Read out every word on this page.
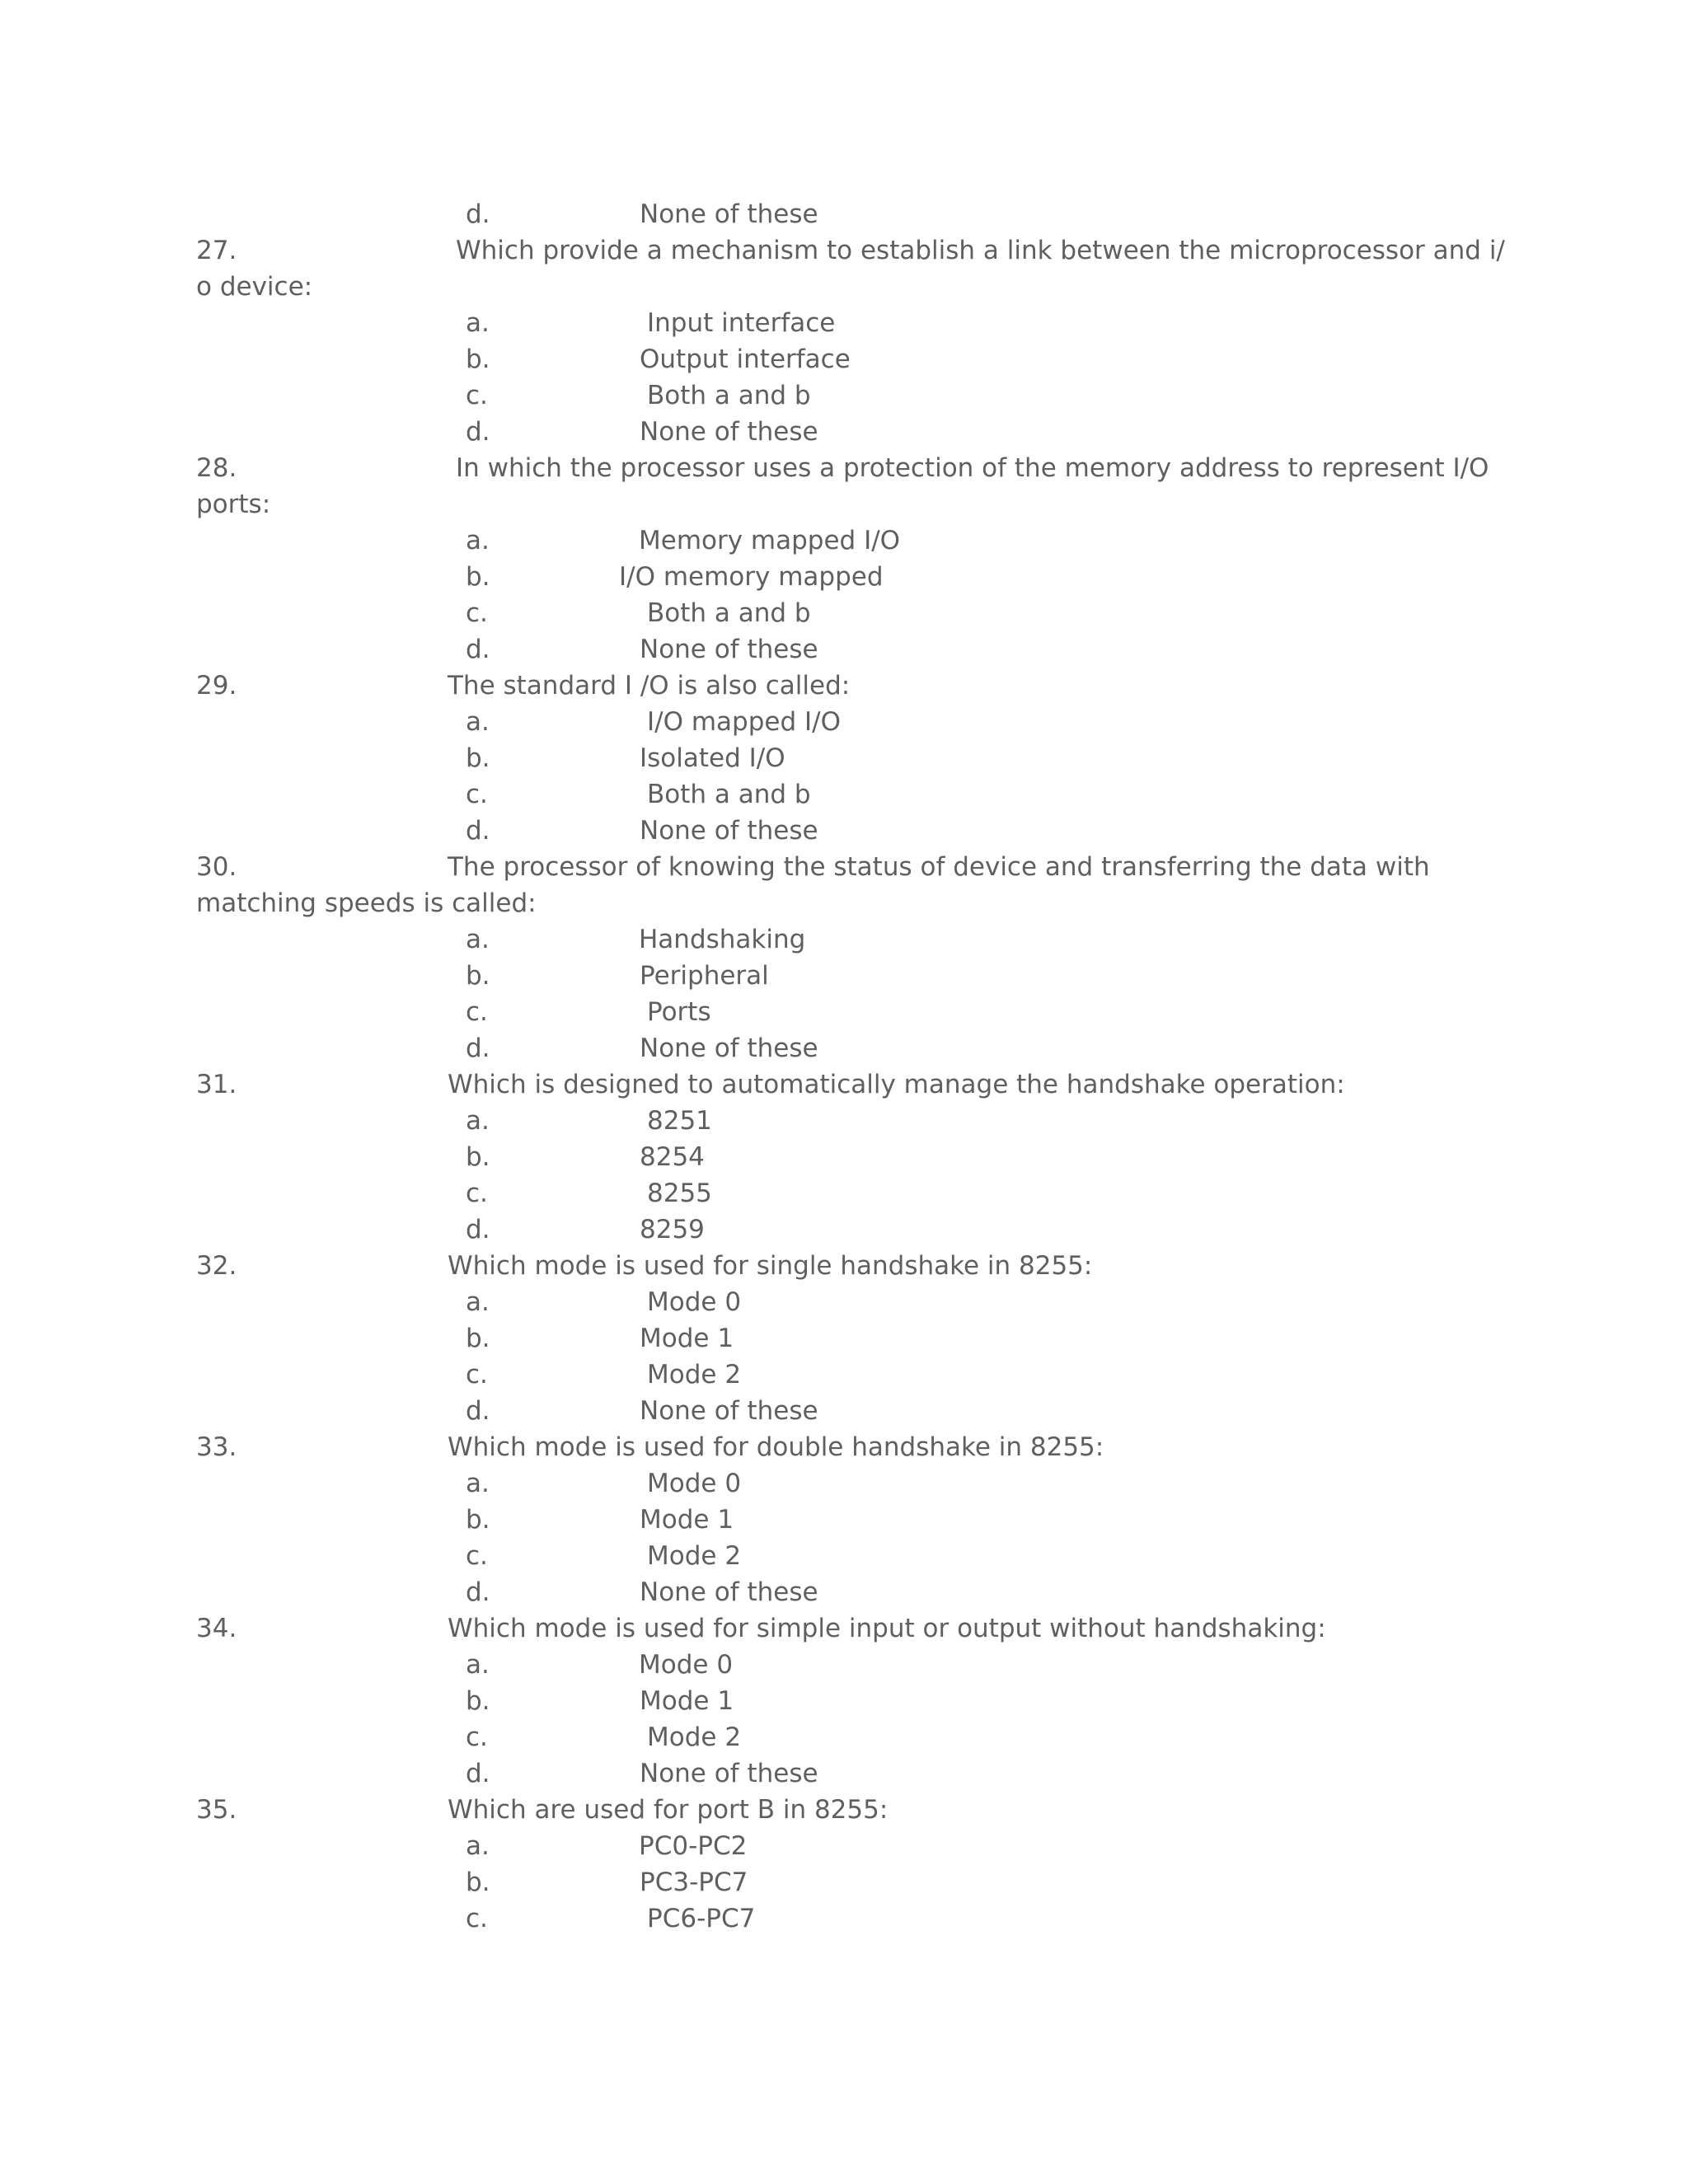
d.	None of these
27.	Which provide a mechanism to establish a link between the microprocessor and i/
o device:
a.	Input interface
b.	Output interface
c.	Both a and b
d.	None of these
28.	In which the processor uses a protection of the memory address to represent I/O
ports:
a.	Memory mapped I/O
b.	I/O memory mapped
c.	Both a and b
d.	None of these
29.	The standard I /O is also called:
a.	I/O mapped I/O
b.	Isolated I/O
c.	Both a and b
d.	None of these
30.	The processor of knowing the status of device and transferring the data with
matching speeds is called:
a.	Handshaking
b.	Peripheral
c.	Ports
d.	None of these
31.	Which is designed to automatically manage the handshake operation:
a.	8251
b.	8254
c.	8255
d.	8259
32.	Which mode is used for single handshake in 8255:
a.	Mode 0
b.	Mode 1
c.	Mode 2
d.	None of these
33.	Which mode is used for double handshake in 8255:
a.	Mode 0
b.	Mode 1
c.	Mode 2
d.	None of these
34.	Which mode is used for simple input or output without handshaking:
a.	Mode 0
b.	Mode 1
c.	Mode 2
d.	None of these
35.	Which are used for port B in 8255:
a.	PC0-PC2
b.	PC3-PC7
c.	PC6-PC7
